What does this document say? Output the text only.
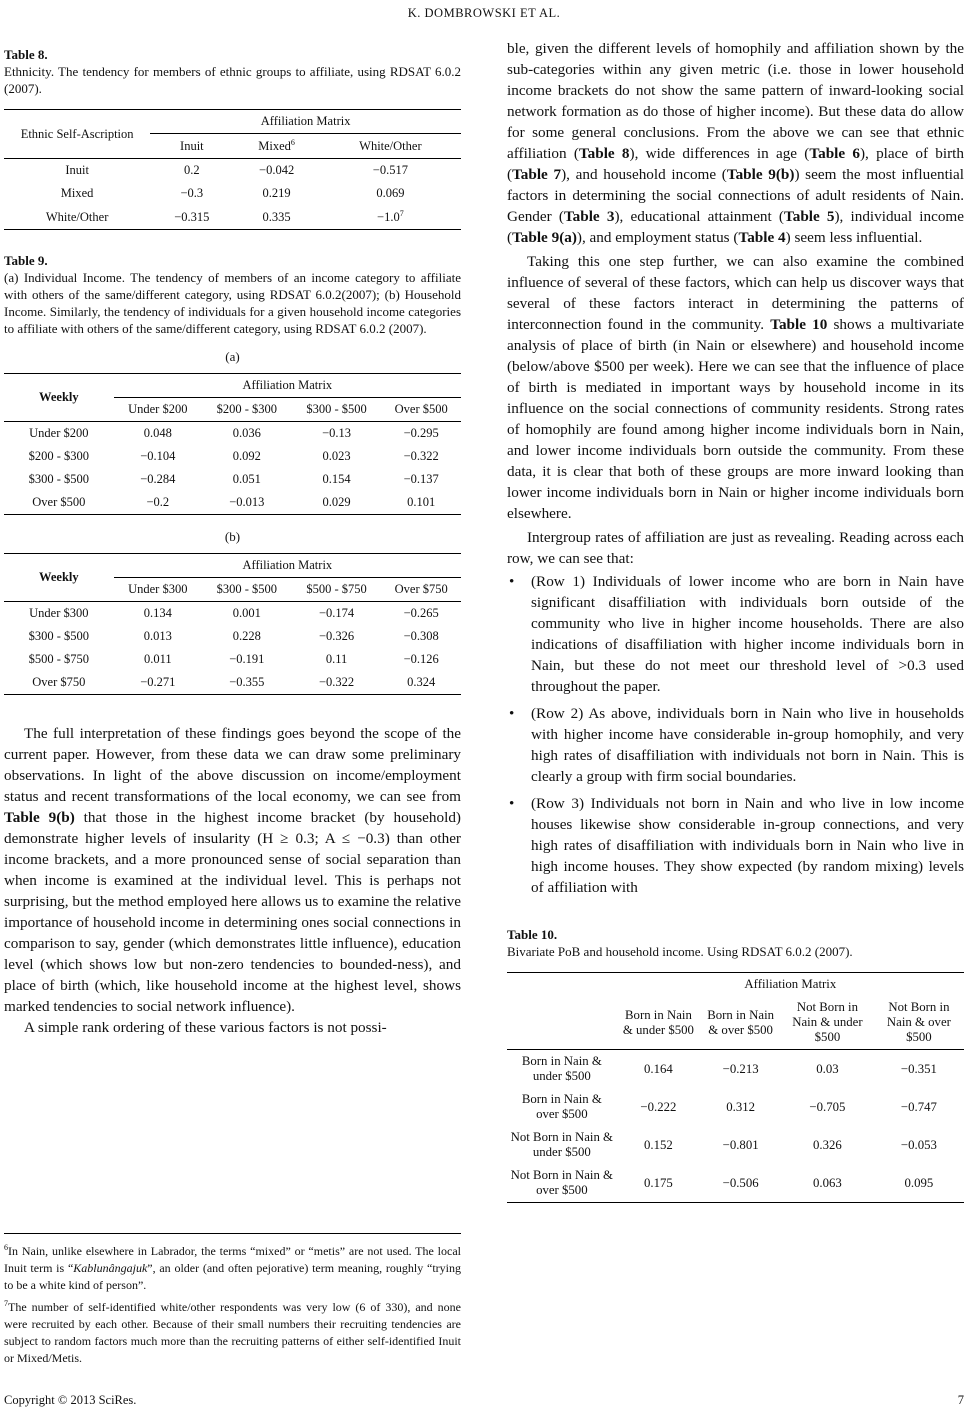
K. DOMBROWSKI ET AL.

Table 8.

Ethnicity. The tendency for members of ethnic groups to affiliate, using RDSAT 6.0.2 (2007).

Ethnic Self-Ascription	Affiliation Matrix		
	Inuit	Mixed$^6$	White/Other
Inuit	0.2	−0.042	−0.517
Mixed	−0.3	0.219	0.069
White/Other	−0.315	0.335	$-1.0^7$

Table 9.

(a) Individual Income. The tendency of members of an income category to affiliate with others of the same/different category, using RDSAT 6.0.2(2007); (b) Household Income. Similarly, the tendency of individuals for a given household income categories to affiliate with others of the same/different category, using RDSAT 6.0.2 (2007).

(a)
Weekly	Affiliation Matrix			
	Under $200	$200 - $300	$300 - $500	Over $500
Under $200	0.048	0.036	−0.13	−0.295
$200 - $300	−0.104	0.092	0.023	−0.322
$300 - $500	−0.284	0.051	0.154	−0.137
Over $500	−0.2	−0.013	0.029	0.101
(b)
Weekly	Affiliation Matrix			
	Under $300	$300 - $500	$500 - $750	Over $750
Under $300	0.134	0.001	−0.174	−0.265
$300 - $500	0.013	0.228	−0.326	−0.308
$500 - $750	0.011	−0.191	0.11	−0.126
Over $750	−0.271	−0.355	−0.322	0.324

The full interpretation of these findings goes beyond the scope of the current paper. However, from these data we can draw some preliminary observations. In light of the above discussion on income/employment status and recent transformations of the local economy, we can see from Table 9(b) that those in the highest income bracket (by household) demonstrate higher levels of insularity (H ≥ 0.3; A ≤ −0.3) than other income brackets, and a more pronounced sense of social separation than when income is examined at the individual level. This is perhaps not surprising, but the method employed here allows us to examine the relative importance of household income in determining ones social connections in comparison to say, gender (which demonstrates little influence), education level (which shows low but non-zero tendencies to bounded-ness), and place of birth (which, like household income at the highest level, shows marked tendencies to social network influence).

A simple rank ordering of these various factors is not possi-

$^6$In Nain, unlike elsewhere in Labrador, the terms “mixed” or “metis” are not used. The local Inuit term is “Kablunângajuk”, an older (and often pejorative) term meaning, roughly “trying to be a white kind of person”.

$^7$The number of self-identified white/other respondents was very low (6 of 330), and none were recruited by each other. Because of their small numbers their recruiting tendencies are subject to random factors much more than the recruiting patterns of either self-identified Inuit or Mixed/Metis.

ble, given the different levels of homophily and affiliation shown by the sub-categories within any given metric (i.e. those in lower household income brackets do not show the same pattern of inward-looking social network formation as do those of higher income). But these data do allow for some general conclusions. From the above we can see that ethnic affiliation (Table 8), wide differences in age (Table 6), place of birth (Table 7), and household income (Table 9(b)) seem the most influential factors in determining the social connections of adult residents of Nain. Gender (Table 3), educational attainment (Table 5), individual income (Table 9(a)), and employment status (Table 4) seem less influential.

Taking this one step further, we can also examine the combined influence of several of these factors, which can help us discover ways that several of these factors interact in determining the patterns of interconnection found in the community. Table 10 shows a multivariate analysis of place of birth (in Nain or elsewhere) and household income (below/above $500 per week). Here we can see that the influence of place of birth is mediated in important ways by household income in its influence on the social connections of community residents. Strong rates of homophily are found among higher income individuals born in Nain, and lower income individuals born outside the community. From these data, it is clear that both of these groups are more inward looking than lower income individuals born in Nain or higher income individuals born elsewhere.

Intergroup rates of affiliation are just as revealing. Reading across each row, we can see that:

• (Row 1) Individuals of lower income who are born in Nain have significant disaffiliation with individuals born outside of the community who live in higher income households. There are also indications of disaffiliation with higher income individuals born in Nain, but these do not meet our threshold level of >0.3 used throughout the paper.
• (Row 2) As above, individuals born in Nain who live in households with higher income have considerable in-group homophily, and very high rates of disaffiliation with individuals not born in Nain. This is clearly a group with firm social boundaries.
• (Row 3) Individuals not born in Nain and who live in low income houses likewise show considerable in-group connections, and very high rates of disaffiliation with individuals born in Nain who live in high income houses. They show expected (by random mixing) levels of affiliation with

Table 10.

Bivariate PoB and household income. Using RDSAT 6.0.2 (2007).

	Affiliation Matrix			
	Born in Nain & under $500	Born in Nain & over $500	Not Born in Nain & under $500	Not Born in Nain & over $500
Born in Nain & under $500	0.164	−0.213	0.03	−0.351
Born in Nain & over $500	−0.222	0.312	−0.705	−0.747
Not Born in Nain & under $500	0.152	−0.801	0.326	−0.053
Not Born in Nain & over $500	0.175	−0.506	0.063	0.095
Copyright © 2013 SciRes.	7
